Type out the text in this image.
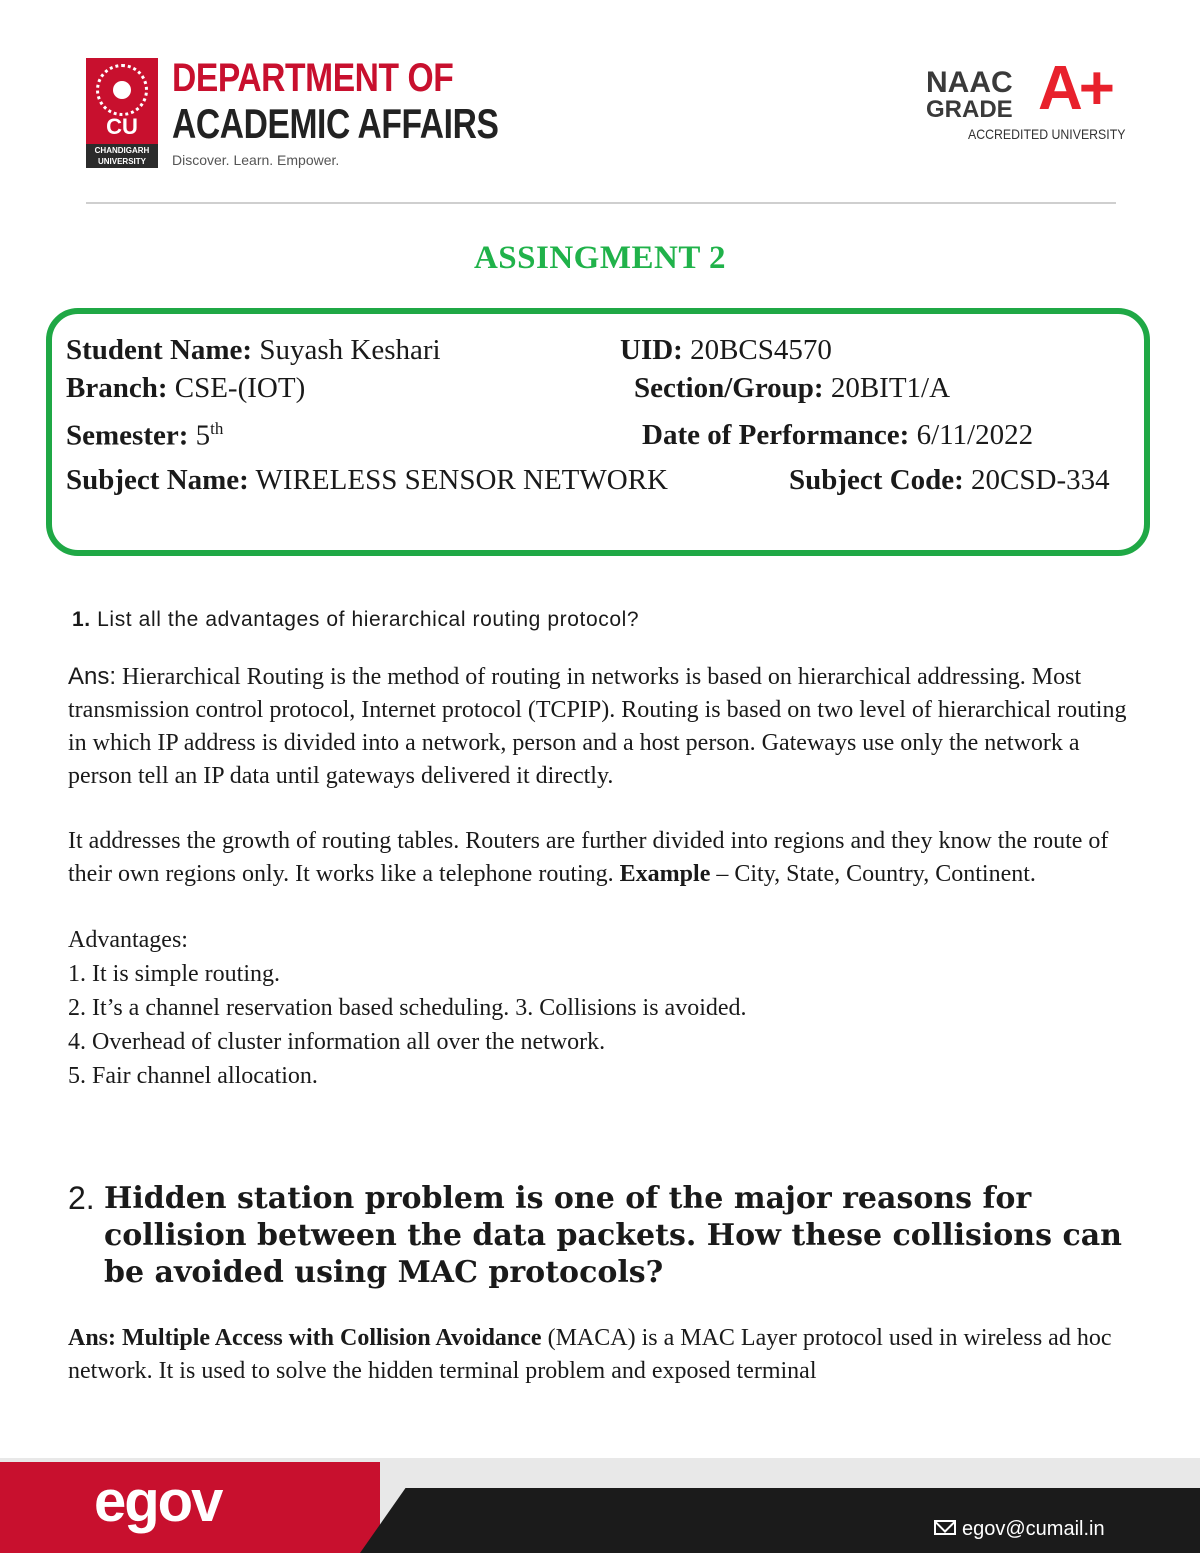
CU
CHANDIGARH UNIVERSITY
DEPARTMENT OF
ACADEMIC AFFAIRS
Discover. Learn. Empower.
NAAC
GRADE A+
ACCREDITED UNIVERSITY
ASSINGMENT 2
Student Name: Suyash Keshari	UID: 20BCS4570
Branch: CSE-(IOT)	Section/Group: 20BIT1/A
Semester: 5th	Date of Performance: 6/11/2022
Subject Name: WIRELESS SENSOR NETWORK	Subject Code: 20CSD-334
1. List all the advantages of hierarchical routing protocol?

Ans: Hierarchical Routing is the method of routing in networks is based on hierarchical addressing. Most transmission control protocol, Internet protocol (TCPIP). Routing is based on two level of hierarchical routing in which IP address is divided into a network, person and a host person. Gateways use only the network a person tell an IP data until gateways delivered it directly.

It addresses the growth of routing tables. Routers are further divided into regions and they know the route of their own regions only. It works like a telephone routing. Example – City, State, Country, Continent.

Advantages:
1. It is simple routing.
2. It’s a channel reservation based scheduling. 3. Collisions is avoided.
4. Overhead of cluster information all over the network.
5. Fair channel allocation.
2. Hidden station problem is one of the major reasons for collision between the data packets. How these collisions can be avoided using MAC protocols?

Ans: Multiple Access with Collision Avoidance (MACA) is a MAC Layer protocol used in wireless ad hoc network. It is used to solve the hidden terminal problem and exposed terminal

egov	egov@cumail.in
